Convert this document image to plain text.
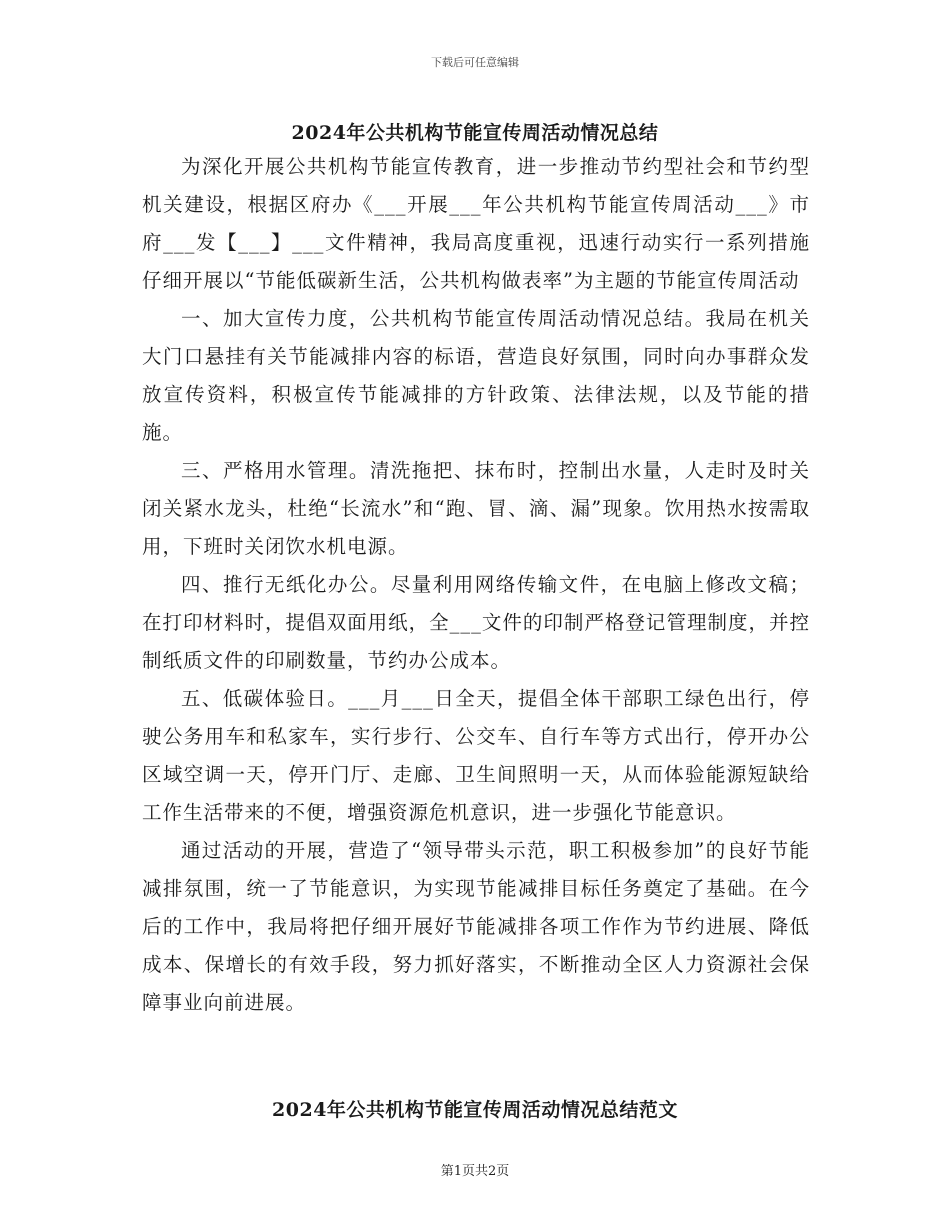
下载后可任意编辑
2024年公共机构节能宣传周活动情况总结

为深化开展公共机构节能宣传教育，进一步推动节约型社会和节约型机关建设，根据区府办《___开展___年公共机构节能宣传周活动___》市府___发【___】___文件精神，我局高度重视，迅速行动实行一系列措施仔细开展以“节能低碳新生活，公共机构做表率”为主题的节能宣传周活动

一、加大宣传力度，公共机构节能宣传周活动情况总结。我局在机关大门口悬挂有关节能减排内容的标语，营造良好氛围，同时向办事群众发放宣传资料，积极宣传节能减排的方针政策、法律法规，以及节能的措施。

三、严格用水管理。清洗拖把、抹布时，控制出水量，人走时及时关闭关紧水龙头，杜绝“长流水”和“跑、冒、滴、漏”现象。饮用热水按需取用，下班时关闭饮水机电源。

四、推行无纸化办公。尽量利用网络传输文件，在电脑上修改文稿；在打印材料时，提倡双面用纸，全___文件的印制严格登记管理制度，并控制纸质文件的印刷数量，节约办公成本。

五、低碳体验日。___月___日全天，提倡全体干部职工绿色出行，停驶公务用车和私家车，实行步行、公交车、自行车等方式出行，停开办公区域空调一天，停开门厅、走廊、卫生间照明一天，从而体验能源短缺给工作生活带来的不便，增强资源危机意识，进一步强化节能意识。

通过活动的开展，营造了“领导带头示范，职工积极参加”的良好节能减排氛围，统一了节能意识，为实现节能减排目标任务奠定了基础。在今后的工作中，我局将把仔细开展好节能减排各项工作作为节约进展、降低成本、保增长的有效手段，努力抓好落实，不断推动全区人力资源社会保障事业向前进展。

2024年公共机构节能宣传周活动情况总结范文
第1页共2页
